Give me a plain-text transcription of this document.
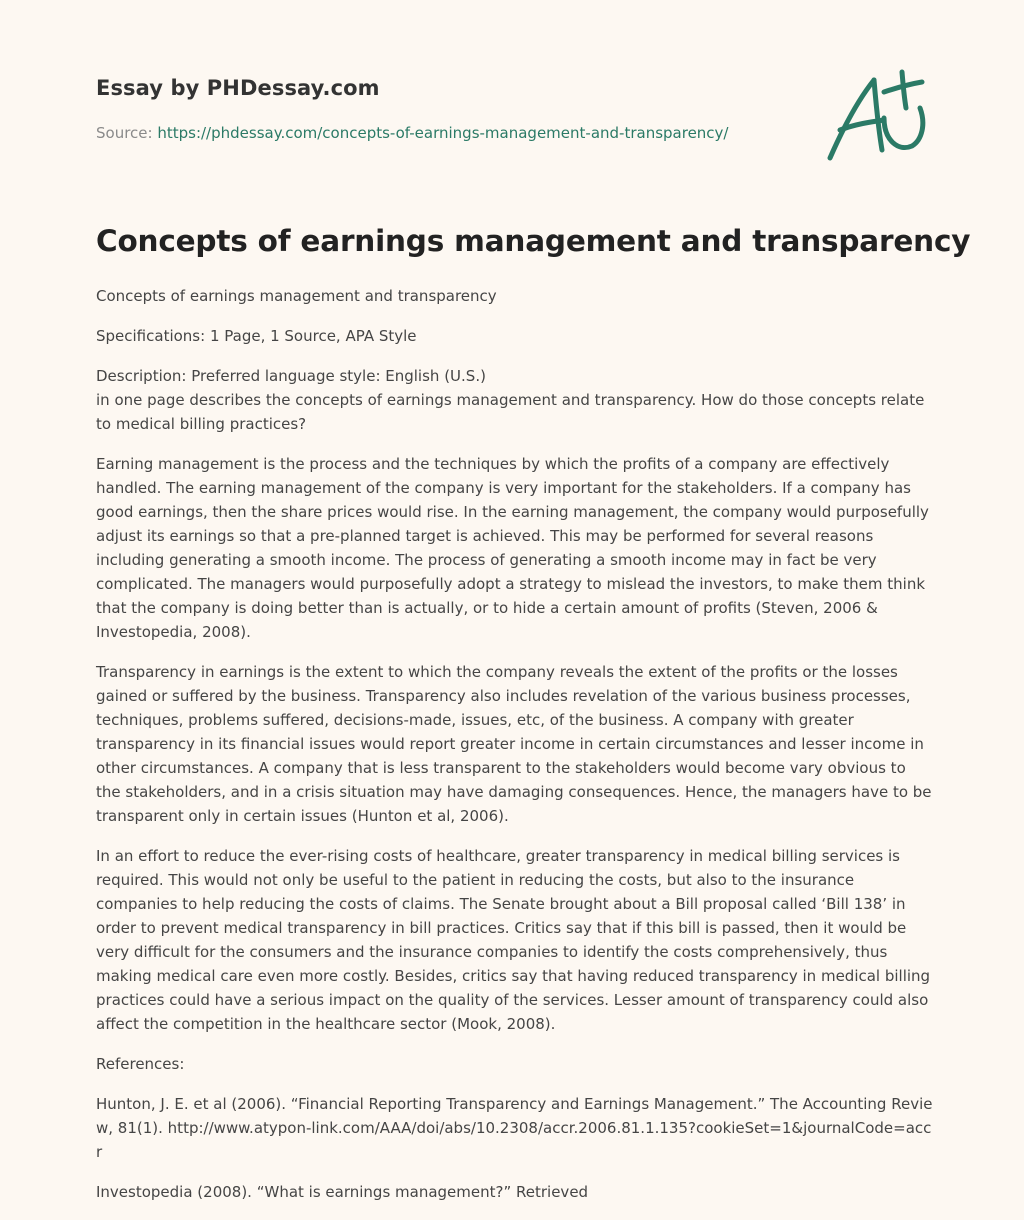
Essay by PHDessay.com

Source: https://phdessay.com/concepts-of-earnings-management-and-transparency/

Concepts of earnings management and transparency

Concepts of earnings management and transparency

Specifications: 1 Page, 1 Source, APA Style

Description: Preferred language style: English (U.S.)
in one page describes the concepts of earnings management and transparency. How do those concepts relate to medical billing practices?

Earning management is the process and the techniques by which the profits of a company are effectively handled. The earning management of the company is very important for the stakeholders. If a company has good earnings, then the share prices would rise. In the earning management, the company would purposefully adjust its earnings so that a pre-planned target is achieved. This may be performed for several reasons including generating a smooth income. The process of generating a smooth income may in fact be very complicated. The managers would purposefully adopt a strategy to mislead the investors, to make them think that the company is doing better than is actually, or to hide a certain amount of profits (Steven, 2006 & Investopedia, 2008).

Transparency in earnings is the extent to which the company reveals the extent of the profits or the losses gained or suffered by the business. Transparency also includes revelation of the various business processes, techniques, problems suffered, decisions-made, issues, etc, of the business. A company with greater transparency in its financial issues would report greater income in certain circumstances and lesser income in other circumstances. A company that is less transparent to the stakeholders would become vary obvious to the stakeholders, and in a crisis situation may have damaging consequences. Hence, the managers have to be transparent only in certain issues (Hunton et al, 2006).

In an effort to reduce the ever-rising costs of healthcare, greater transparency in medical billing services is required. This would not only be useful to the patient in reducing the costs, but also to the insurance companies to help reducing the costs of claims. The Senate brought about a Bill proposal called ‘Bill 138’ in order to prevent medical transparency in bill practices. Critics say that if this bill is passed, then it would be very difficult for the consumers and the insurance companies to identify the costs comprehensively, thus making medical care even more costly. Besides, critics say that having reduced transparency in medical billing practices could have a serious impact on the quality of the services. Lesser amount of transparency could also affect the competition in the healthcare sector (Mook, 2008).

References:

Hunton, J. E. et al (2006). “Financial Reporting Transparency and Earnings Management.” The Accounting Review, 81(1). http://www.atypon-link.com/AAA/doi/abs/10.2308/accr.2006.81.1.135?cookieSet=1&journalCode=accr

Investopedia (2008). “What is earnings management?” Retrieved
